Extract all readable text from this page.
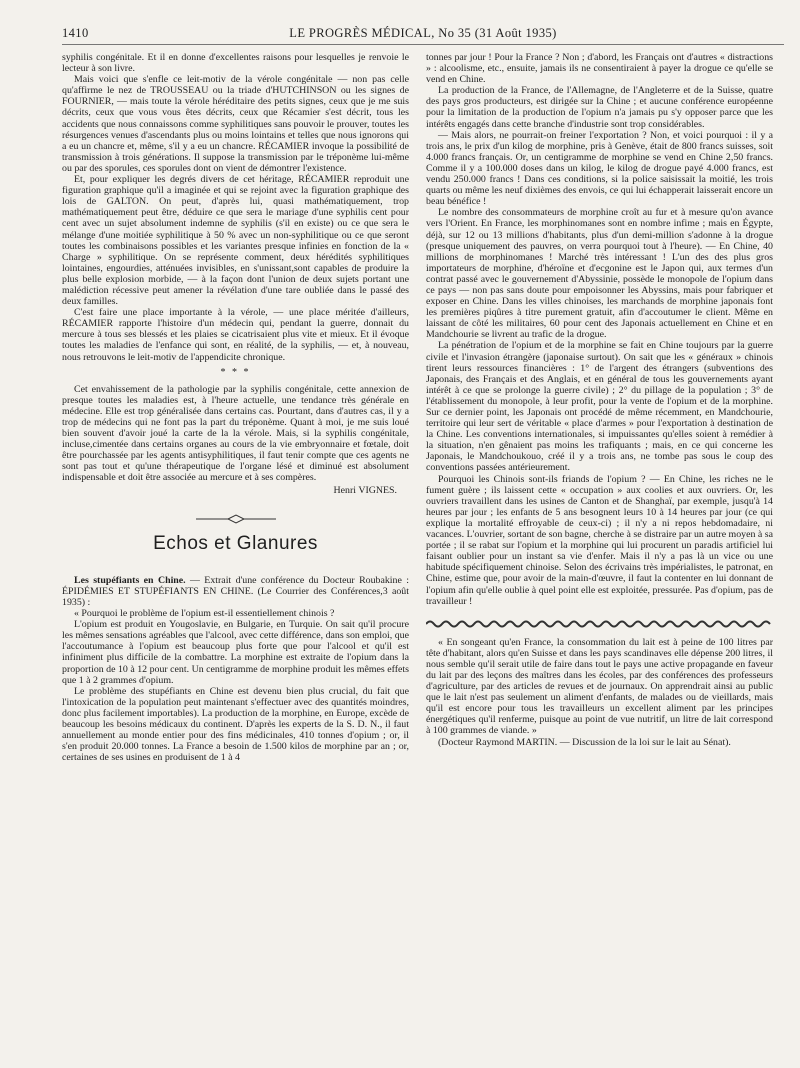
1410	LE PROGRÈS MÉDICAL, No 35 (31 Août 1935)

syphilis congénitale. Et il en donne d'excellentes raisons pour lesquelles je renvoie le lecteur à son livre.

Mais voici que s'enfle ce leit-motiv de la vérole congénitale — non pas celle qu'affirme le nez de TROUSSEAU ou la triade d'HUTCHINSON ou les signes de FOURNIER, — mais toute la vérole héréditaire des petits signes, ceux que je me suis décrits, ceux que vous vous êtes décrits, ceux que Récamier s'est décrit, tous les accidents que nous connaissons comme syphilitiques sans pouvoir le prouver, toutes les résurgences venues d'ascendants plus ou moins lointains et telles que nous ignorons qui a eu un chancre et, même, s'il y a eu un chancre. RÉCAMIER invoque la possibilité de transmission à trois générations. Il suppose la transmission par le tréponème lui-même ou par des sporules, ces sporules dont on vient de démontrer l'existence.

Et, pour expliquer les degrés divers de cet héritage, RÉCAMIER reproduit une figuration graphique qu'il a imaginée et qui se rejoint avec la figuration graphique des lois de GALTON. On peut, d'après lui, quasi mathématiquement, trop mathématiquement peut être, déduire ce que sera le mariage d'une syphilis cent pour cent avec un sujet absolument indemne de syphilis (s'il en existe) ou ce que sera le mélange d'une moitiée syphilitique à 50 % avec un non-syphilitique ou ce que seront toutes les combinaisons possibles et les variantes presque infinies en fonction de la « Charge » syphilitique. On se représente comment, deux hérédités syphilitiques lointaines, engourdies, atténuées invisibles, en s'unissant,sont capables de produire la plus belle explosion morbide, — à la façon dont l'union de deux sujets portant une malédiction récessive peut amener la révélation d'une tare oubliée dans le passé des deux familles.

C'est faire une place importante à la vérole, — une place méritée d'ailleurs, RÉCAMIER rapporte l'histoire d'un médecin qui, pendant la guerre, donnait du mercure à tous ses blessés et les plaies se cicatrisaient plus vite et mieux. Et il évoque toutes les maladies de l'enfance qui sont, en réalité, de la syphilis, — et, à nouveau, nous retrouvons le leit-motiv de l'appendicite chronique.

* * *

Cet envahissement de la pathologie par la syphilis congénitale, cette annexion de presque toutes les maladies est, à l'heure actuelle, une tendance très générale en médecine. Elle est trop généralisée dans certains cas. Pourtant, dans d'autres cas, il y a trop de médecins qui ne font pas la part du tréponème. Quant à moi, je me suis loué bien souvent d'avoir joué la carte de la la vérole. Mais, si la syphilis congénitale, incluse,cimentée dans certains organes au cours de la vie embryonnaire et fœtale, doit être pourchassée par les agents antisyphilitiques, il faut tenir compte que ces agents ne sont pas tout et qu'une thérapeutique de l'organe lésé et diminué est absolument indispensable et doit être associée au mercure et à ses compères.

Henri VIGNES.

Echos et Glanures

Les stupéfiants en Chine. — Extrait d'une conférence du Docteur Roubakine : ÉPIDÉMIES ET STUPÉFIANTS EN CHINE. (Le Courrier des Conférences,3 août 1935) :

« Pourquoi le problème de l'opium est-il essentiellement chinois ?

L'opium est produit en Yougoslavie, en Bulgarie, en Turquie. On sait qu'il procure les mêmes sensations agréables que l'alcool, avec cette différence, dans son emploi, que l'accoutumance à l'opium est beaucoup plus forte que pour l'alcool et qu'il est infiniment plus difficile de la combattre. La morphine est extraite de l'opium dans la proportion de 10 à 12 pour cent. Un centigramme de morphine produit les mêmes effets que 1 à 2 grammes d'opium.

Le problème des stupéfiants en Chine est devenu bien plus crucial, du fait que l'intoxication de la population peut maintenant s'effectuer avec des quantités moindres, donc plus facilement importables). La production de la morphine, en Europe, excède de beaucoup les besoins médicaux du continent. D'après les experts de la S. D. N., il faut annuellement au monde entier pour des fins médicinales, 410 tonnes d'opium ; or, il s'en produit 20.000 tonnes. La France a besoin de 1.500 kilos de morphine par an ; or, certaines de ses usines en produisent de 1 à 4

tonnes par jour ! Pour la France ? Non ; d'abord, les Français ont d'autres « distractions » : alcoolisme, etc., ensuite, jamais ils ne consentiraient à payer la drogue ce qu'elle se vend en Chine.

La production de la France, de l'Allemagne, de l'Angleterre et de la Suisse, quatre des pays gros producteurs, est dirigée sur la Chine ; et aucune conférence européenne pour la limitation de la production de l'opium n'a jamais pu s'y opposer parce que les intérêts engagés dans cette branche d'industrie sont trop considérables.

— Mais alors, ne pourrait-on freiner l'exportation ? Non, et voici pourquoi : il y a trois ans, le prix d'un kilog de morphine, pris à Genève, était de 800 francs suisses, soit 4.000 francs français. Or, un centigramme de morphine se vend en Chine 2,50 francs. Comme il y a 100.000 doses dans un kilog, le kilog de drogue payé 4.000 francs, est vendu 250.000 francs ! Dans ces conditions, si la police saisissait la moitié, les trois quarts ou même les neuf dixièmes des envois, ce qui lui échapperait laisserait encore un beau bénéfice !

Le nombre des consommateurs de morphine croît au fur et à mesure qu'on avance vers l'Orient. En France, les morphinomanes sont en nombre infime ; mais en Égypte, déjà, sur 12 ou 13 millions d'habitants, plus d'un demi-million s'adonne à la drogue (presque uniquement des pauvres, on verra pourquoi tout à l'heure). — En Chine, 40 millions de morphinomanes ! Marché très intéressant ! L'un des des plus gros importateurs de morphine, d'héroïne et d'ecgonine est le Japon qui, aux termes d'un contrat passé avec le gouvernement d'Abyssinie, possède le monopole de l'opium dans ce pays — non pas sans doute pour empoisonner les Abyssins, mais pour fabriquer et exposer en Chine. Dans les villes chinoises, les marchands de morphine japonais font les premières piqûres à titre purement gratuit, afin d'accoutumer le client. Même en laissant de côté les militaires, 60 pour cent des Japonais actuellement en Chine et en Mandchourie se livrent au trafic de la drogue.

La pénétration de l'opium et de la morphine se fait en Chine toujours par la guerre civile et l'invasion étrangère (japonaise surtout). On sait que les « généraux » chinois tirent leurs ressources financières : 1° de l'argent des étrangers (subventions des Japonais, des Français et des Anglais, et en général de tous les gouvernements ayant intérêt à ce que se prolonge la guerre civile) ; 2° du pillage de la population ; 3° de l'établissement du monopole, à leur profit, pour la vente de l'opium et de la morphine. Sur ce dernier point, les Japonais ont procédé de même récemment, en Mandchourie, territoire qui leur sert de véritable « place d'armes » pour l'exportation à destination de la Chine. Les conventions internationales, si impuissantes qu'elles soient à remédier à la situation, n'en gênaient pas moins les trafiquants ; mais, en ce qui concerne les Japonais, le Mandchoukouo, créé il y a trois ans, ne tombe pas sous le coup des conventions passées antérieurement.

Pourquoi les Chinois sont-ils friands de l'opium ? — En Chine, les riches ne le fument guère ; ils laissent cette « occupation » aux coolies et aux ouvriers. Or, les ouvriers travaillent dans les usines de Canton et de Shanghaï, par exemple, jusqu'à 14 heures par jour ; les enfants de 5 ans besognent leurs 10 à 14 heures par jour (ce qui explique la mortalité effroyable de ceux-ci) ; il n'y a ni repos hebdomadaire, ni vacances. L'ouvrier, sortant de son bagne, cherche à se distraire par un autre moyen à sa portée ; il se rabat sur l'opium et la morphine qui lui procurent un paradis artificiel lui faisant oublier pour un instant sa vie d'enfer. Mais il n'y a pas là un vice ou une habitude spécifiquement chinoise. Selon des écrivains très impérialistes, le patronat, en Chine, estime que, pour avoir de la main-d'œuvre, il faut la contenter en lui donnant de l'opium afin qu'elle oublie à quel point elle est exploitée, pressurée. Pas d'opium, pas de travailleur !

« En songeant qu'en France, la consommation du lait est à peine de 100 litres par tête d'habitant, alors qu'en Suisse et dans les pays scandinaves elle dépense 200 litres, il nous semble qu'il serait utile de faire dans tout le pays une active propagande en faveur du lait par des leçons des maîtres dans les écoles, par des conférences des professeurs d'agriculture, par des articles de revues et de journaux. On apprendrait ainsi au public que le lait n'est pas seulement un aliment d'enfants, de malades ou de vieillards, mais qu'il est encore pour tous les travailleurs un excellent aliment par les principes énergétiques qu'il renferme, puisque au point de vue nutritif, un litre de lait correspond à 100 grammes de viande. »

(Docteur Raymond MARTIN. — Discussion de la loi sur le lait au Sénat).
